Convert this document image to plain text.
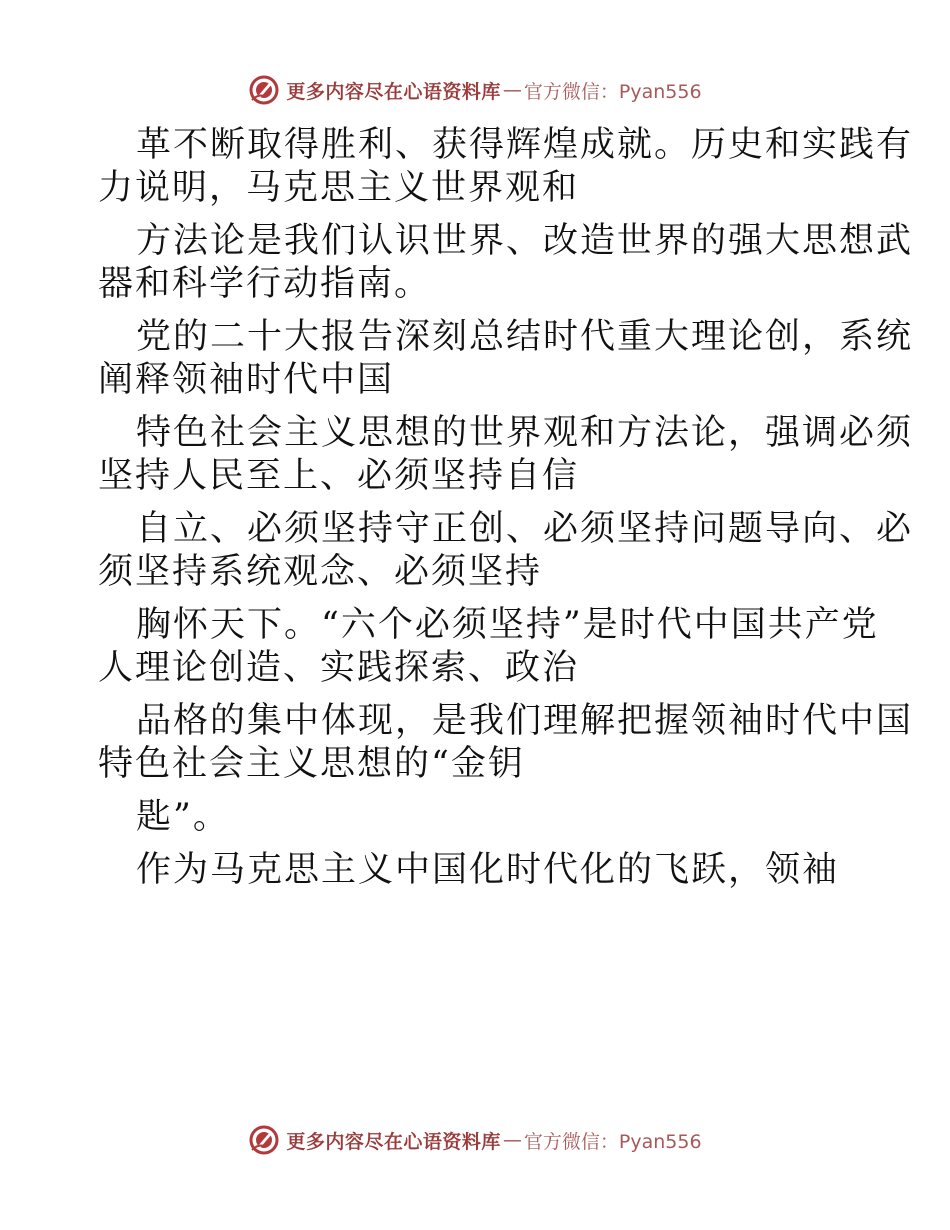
更多内容尽在心语资料库 — 官方微信：Pyan556
革不断取得胜利、获得辉煌成就。历史和实践有
力说明，马克思主义世界观和
方法论是我们认识世界、改造世界的强大思想武
器和科学行动指南。
党的二十大报告深刻总结时代重大理论创，系统
阐释领袖时代中国
特色社会主义思想的世界观和方法论，强调必须
坚持人民至上、必须坚持自信
自立、必须坚持守正创、必须坚持问题导向、必
须坚持系统观念、必须坚持
胸怀天下。“六个必须坚持”是时代中国共产党
人理论创造、实践探索、政治
品格的集中体现，是我们理解把握领袖时代中国
特色社会主义思想的“金钥
匙”。
作为马克思主义中国化时代化的飞跃，领袖
更多内容尽在心语资料库 — 官方微信：Pyan556
